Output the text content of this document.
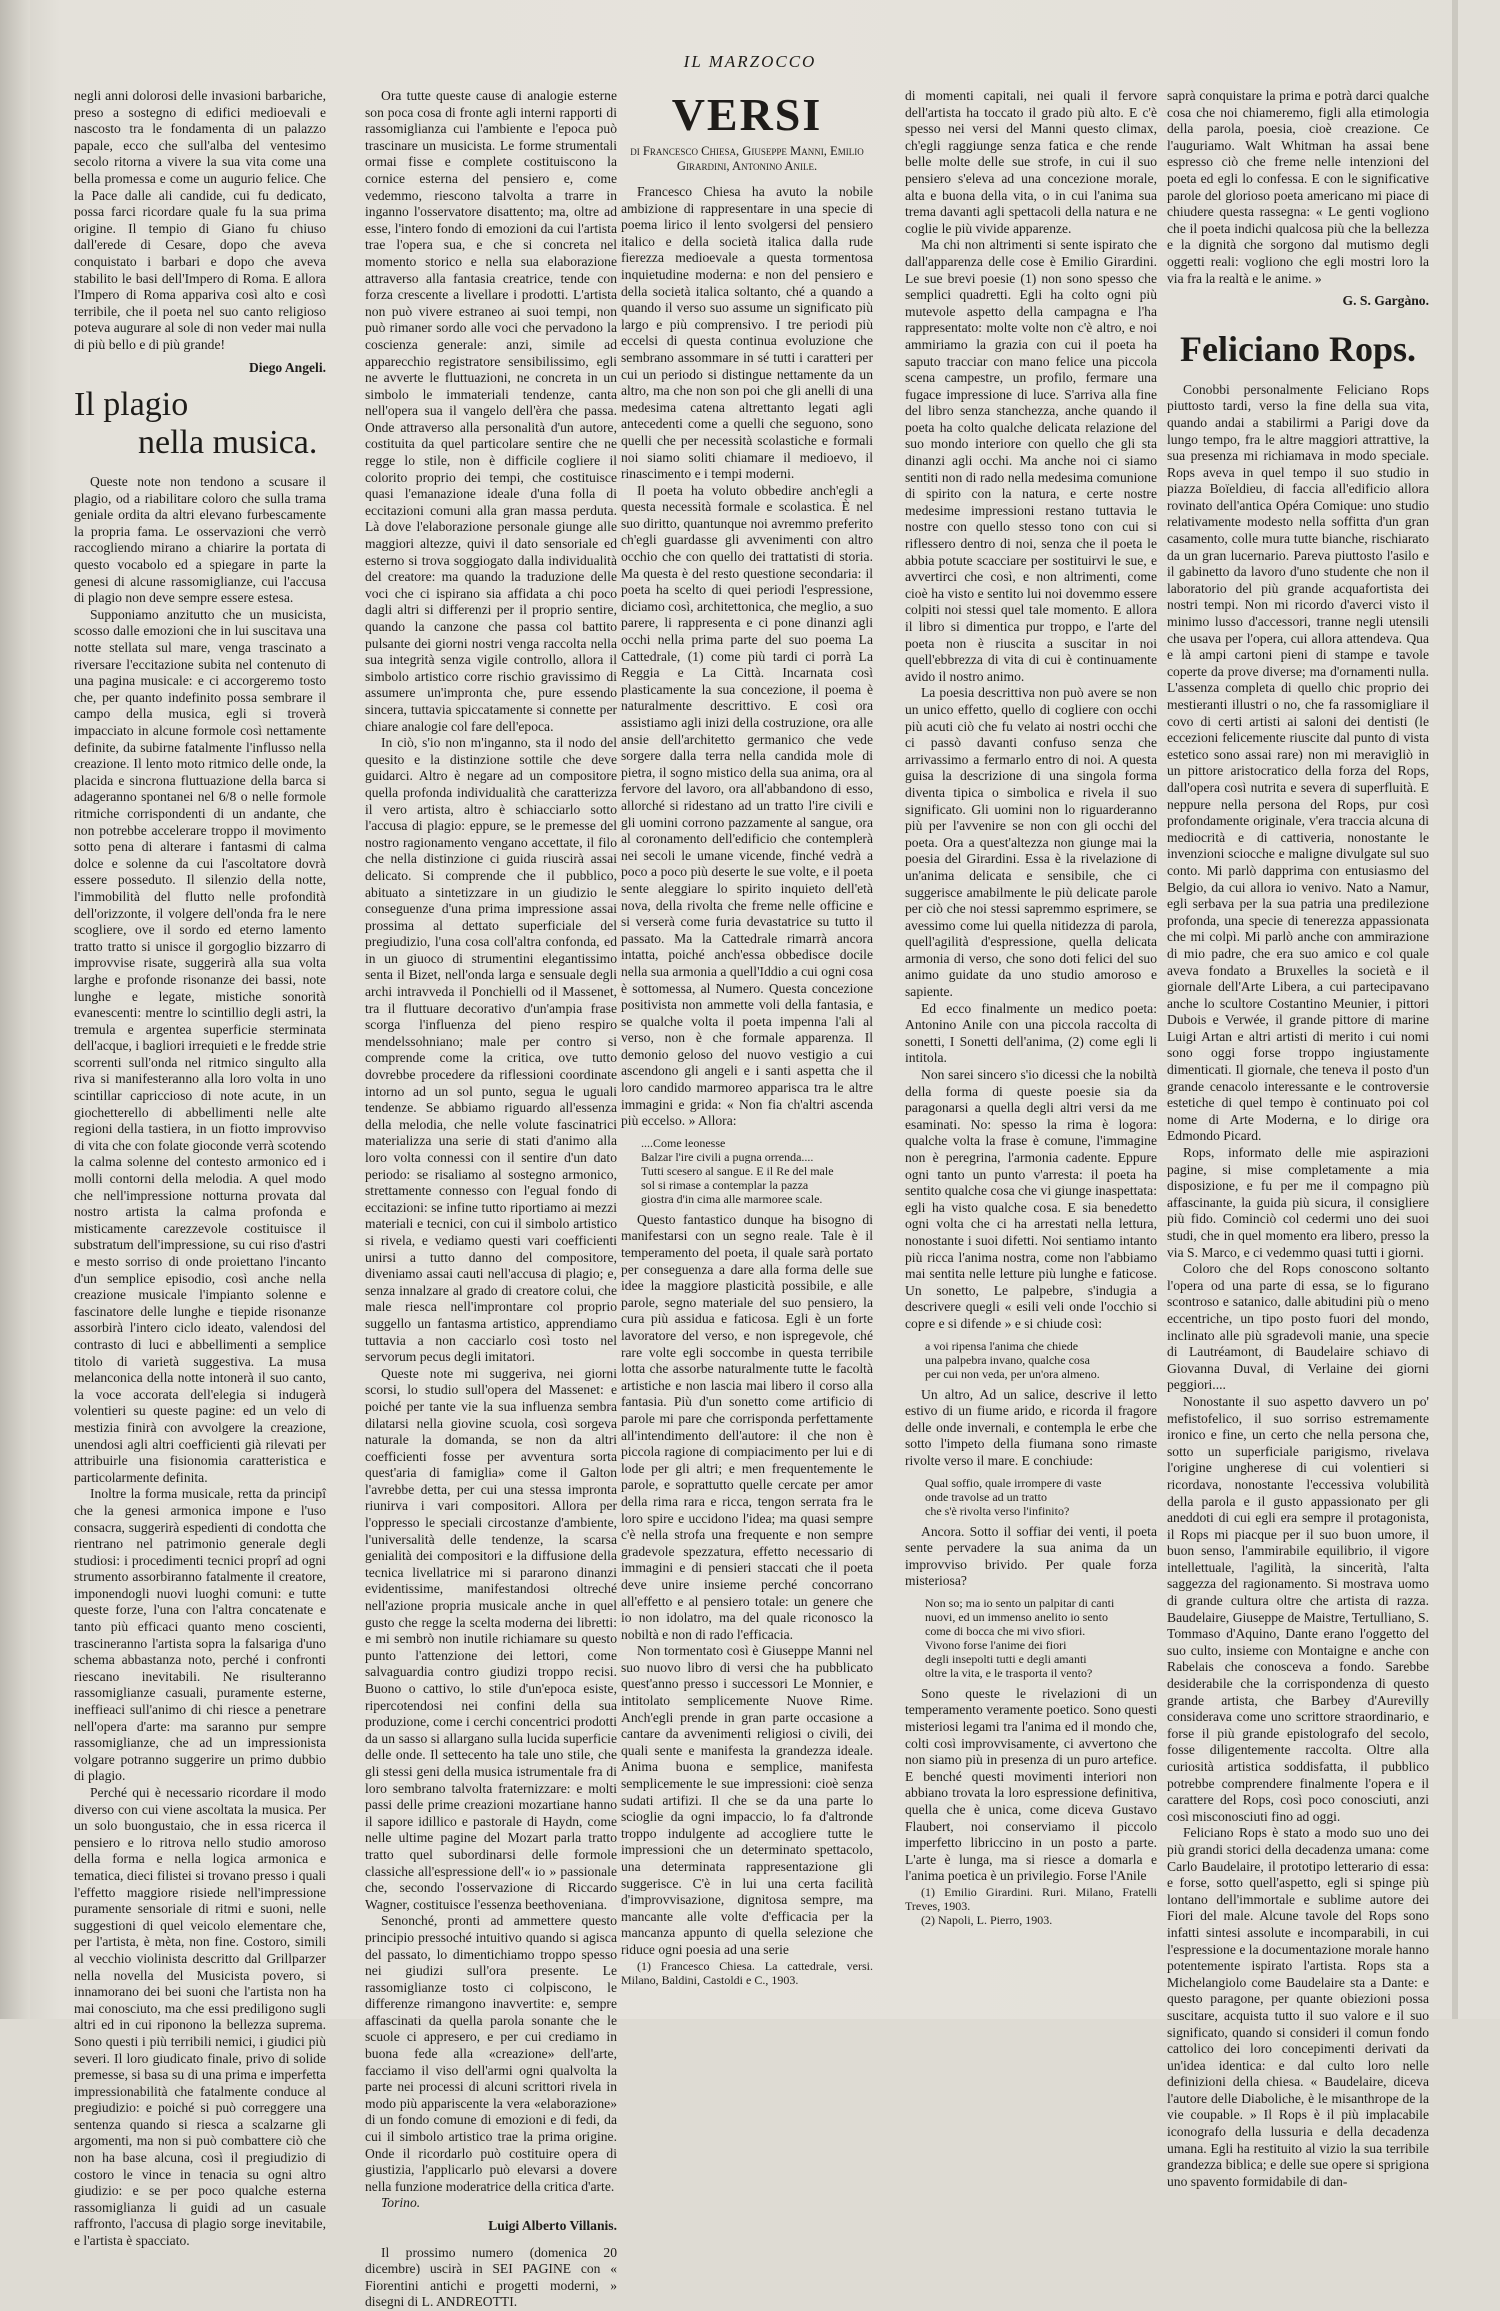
IL MARZOCCO

negli anni dolorosi delle invasioni barbariche, preso a sostegno di edifici medioevali e nascosto tra le fondamenta di un palazzo papale, ecco che sull'alba del ventesimo secolo ritorna a vivere la sua vita come una bella promessa e come un augurio felice. Che la Pace dalle ali candide, cui fu dedicato, possa farci ricordare quale fu la sua prima origine. Il tempio di Giano fu chiuso dall'erede di Cesare, dopo che aveva conquistato i barbari e dopo che aveva stabilito le basi dell'Impero di Roma. E allora l'Impero di Roma appariva così alto e così terribile, che il poeta nel suo canto religioso poteva augurare al sole di non veder mai nulla di più bello e di più grande!

Diego Angeli.
Il plagio
nella musica.

Queste note non tendono a scusare il plagio, od a riabilitare coloro che sulla trama geniale ordita da altri elevano furbescamente la propria fama. Le osservazioni che verrò raccogliendo mirano a chiarire la portata di questo vocabolo ed a spiegare in parte la genesi di alcune rassomiglianze, cui l'accusa di plagio non deve sempre essere estesa.

Supponiamo anzitutto che un musicista, scosso dalle emozioni che in lui suscitava una notte stellata sul mare, venga trascinato a riversare l'eccitazione subita nel contenuto di una pagina musicale: e ci accorgeremo tosto che, per quanto indefinito possa sembrare il campo della musica, egli si troverà impacciato in alcune formole così nettamente definite, da subirne fatalmente l'influsso nella creazione. Il lento moto ritmico delle onde, la placida e sincrona fluttuazione della barca si adageranno spontanei nel 6/8 o nelle formole ritmiche corrispondenti di un andante, che non potrebbe accelerare troppo il movimento sotto pena di alterare i fantasmi di calma dolce e solenne da cui l'ascoltatore dovrà essere posseduto. Il silenzio della notte, l'immobilità del flutto nelle profondità dell'orizzonte, il volgere dell'onda fra le nere scogliere, ove il sordo ed eterno lamento tratto tratto si unisce il gorgoglio bizzarro di improvvise risate, suggerirà alla sua volta larghe e profonde risonanze dei bassi, note lunghe e legate, mistiche sonorità evanescenti: mentre lo scintillio degli astri, la tremula e argentea superficie sterminata dell'acque, i bagliori irrequieti e le fredde strie scorrenti sull'onda nel ritmico singulto alla riva si manifesteranno alla loro volta in uno scintillar capriccioso di note acute, in un giochetterello di abbellimenti nelle alte regioni della tastiera, in un fiotto improvviso di vita che con folate gioconde verrà scotendo la calma solenne del contesto armonico ed i molli contorni della melodia. A quel modo che nell'impressione notturna provata dal nostro artista la calma profonda e misticamente carezzevole costituisce il substratum dell'impressione, su cui riso d'astri e mesto sorriso di onde proiettano l'incanto d'un semplice episodio, così anche nella creazione musicale l'impianto solenne e fascinatore delle lunghe e tiepide risonanze assorbirà l'intero ciclo ideato, valendosi del contrasto di luci e abbellimenti a semplice titolo di varietà suggestiva. La musa melanconica della notte intonerà il suo canto, la voce accorata dell'elegia si indugerà volentieri su queste pagine: ed un velo di mestizia finirà con avvolgere la creazione, unendosi agli altri coefficienti già rilevati per attribuirle una fisionomia caratteristica e particolarmente definita.

Inoltre la forma musicale, retta da principî che la genesi armonica impone e l'uso consacra, suggerirà espedienti di condotta che rientrano nel patrimonio generale degli studiosi: i procedimenti tecnici proprî ad ogni strumento assorbiranno fatalmente il creatore, imponendogli nuovi luoghi comuni: e tutte queste forze, l'una con l'altra concatenate e tanto più efficaci quanto meno coscienti, trascineranno l'artista sopra la falsariga d'uno schema abbastanza noto, perché i confronti riescano inevitabili. Ne risulteranno rassomiglianze casuali, puramente esterne, ineffieaci sull'animo di chi riesce a penetrare nell'opera d'arte: ma saranno pur sempre rassomiglianze, che ad un impressionista volgare potranno suggerire un primo dubbio di plagio.

Perché qui è necessario ricordare il modo diverso con cui viene ascoltata la musica. Per un solo buongustaio, che in essa ricerca il pensiero e lo ritrova nello studio amoroso della forma e nella logica armonica e tematica, dieci filistei si trovano presso i quali l'effetto maggiore risiede nell'impressione puramente sensoriale di ritmi e suoni, nelle suggestioni di quel veicolo elementare che, per l'artista, è mèta, non fine. Costoro, simili al vecchio violinista descritto dal Grillparzer nella novella del Musicista povero, si innamorano dei bei suoni che l'artista non ha mai conosciuto, ma che essi prediligono sugli altri ed in cui riponono la bellezza suprema. Sono questi i più terribili nemici, i giudici più severi. Il loro giudicato finale, privo di solide premesse, si basa su di una prima e imperfetta impressionabilità che fatalmente conduce al pregiudizio: e poiché si può correggere una sentenza quando si riesca a scalzarne gli argomenti, ma non si può combattere ciò che non ha base alcuna, così il pregiudizio di costoro le vince in tenacia su ogni altro giudizio: e se per poco qualche esterna rassomiglianza li guidi ad un casuale raffronto, l'accusa di plagio sorge inevitabile, e l'artista è spacciato.

Ora tutte queste cause di analogie esterne son poca cosa di fronte agli interni rapporti di rassomiglianza cui l'ambiente e l'epoca può trascinare un musicista. Le forme strumentali ormai fisse e complete costituiscono la cornice esterna del pensiero e, come vedemmo, riescono talvolta a trarre in inganno l'osservatore disattento; ma, oltre ad esse, l'intero fondo di emozioni da cui l'artista trae l'opera sua, e che si concreta nel momento storico e nella sua elaborazione attraverso alla fantasia creatrice, tende con forza crescente a livellare i prodotti. L'artista non può vivere estraneo ai suoi tempi, non può rimaner sordo alle voci che pervadono la coscienza generale: anzi, simile ad apparecchio registratore sensibilissimo, egli ne avverte le fluttuazioni, ne concreta in un simbolo le immateriali tendenze, canta nell'opera sua il vangelo dell'èra che passa. Onde attraverso alla personalità d'un autore, costituita da quel particolare sentire che ne regge lo stile, non è difficile cogliere il colorito proprio dei tempi, che costituisce quasi l'emanazione ideale d'una folla di eccitazioni comuni alla gran massa perduta. Là dove l'elaborazione personale giunge alle maggiori altezze, quivi il dato sensoriale ed esterno si trova soggiogato dalla individualità del creatore: ma quando la traduzione delle voci che ci ispirano sia affidata a chi poco dagli altri si differenzi per il proprio sentire, quando la canzone che passa col battito pulsante dei giorni nostri venga raccolta nella sua integrità senza vigile controllo, allora il simbolo artistico corre rischio gravissimo di assumere un'impronta che, pure essendo sincera, tuttavia spiccatamente si connette per chiare analogie col fare dell'epoca.

In ciò, s'io non m'inganno, sta il nodo del quesito e la distinzione sottile che deve guidarci. Altro è negare ad un compositore quella profonda individualità che caratterizza il vero artista, altro è schiacciarlo sotto l'accusa di plagio: eppure, se le premesse del nostro ragionamento vengano accettate, il filo che nella distinzione ci guida riuscirà assai delicato. Si comprende che il pubblico, abituato a sintetizzare in un giudizio le conseguenze d'una prima impressione assai prossima al dettato superficiale del pregiudizio, l'una cosa coll'altra confonda, ed in un giuoco di strumentini elegantissimo senta il Bizet, nell'onda larga e sensuale degli archi intravveda il Ponchielli od il Massenet, tra il fluttuare decorativo d'un'ampia frase scorga l'influenza del pieno respiro mendelssohniano; male per contro si comprende come la critica, ove tutto dovrebbe procedere da riflessioni coordinate intorno ad un sol punto, segua le uguali tendenze. Se abbiamo riguardo all'essenza della melodia, che nelle volute fascinatrici materializza una serie di stati d'animo alla loro volta connessi con il sentire d'un dato periodo: se risaliamo al sostegno armonico, strettamente connesso con l'egual fondo di eccitazioni: se infine tutto riportiamo ai mezzi materiali e tecnici, con cui il simbolo artistico si rivela, e vediamo questi vari coefficienti unirsi a tutto danno del compositore, diveniamo assai cauti nell'accusa di plagio; e, senza innalzare al grado di creatore colui, che male riesca nell'improntare col proprio suggello un fantasma artistico, apprendiamo tuttavia a non cacciarlo così tosto nel servorum pecus degli imitatori.

Queste note mi suggeriva, nei giorni scorsi, lo studio sull'opera del Massenet: e poiché per tante vie la sua influenza sembra dilatarsi nella giovine scuola, così sorgeva naturale la domanda, se non da altri coefficienti fosse per avventura sorta quest'aria di famiglia» come il Galton l'avrebbe detta, per cui una stessa impronta riunirva i vari compositori. Allora per l'oppresso le speciali circostanze d'ambiente, l'universalità delle tendenze, la scarsa genialità dei compositori e la diffusione della tecnica livellatrice mi si pararono dinanzi evidentissime, manifestandosi oltreché nell'azione propria musicale anche in quel gusto che regge la scelta moderna dei libretti: e mi sembrò non inutile richiamare su questo punto l'attenzione dei lettori, come salvaguardia contro giudizi troppo recisi. Buono o cattivo, lo stile d'un'epoca esiste, ripercotendosi nei confini della sua produzione, come i cerchi concentrici prodotti da un sasso si allargano sulla lucida superficie delle onde. Il settecento ha tale uno stile, che gli stessi geni della musica istrumentale fra di loro sembrano talvolta fraternizzare: e molti passi delle prime creazioni mozartiane hanno il sapore idillico e pastorale di Haydn, come nelle ultime pagine del Mozart parla tratto tratto quel subordinarsi delle formole classiche all'espressione dell'« io » passionale che, secondo l'osservazione di Riccardo Wagner, costituisce l'essenza beethoveniana.

Senonché, pronti ad ammettere questo principio pressoché intuitivo quando si agisca del passato, lo dimentichiamo troppo spesso nei giudizi sull'ora presente. Le rassomiglianze tosto ci colpiscono, le differenze rimangono inavvertite: e, sempre affascinati da quella parola sonante che le scuole ci appresero, e per cui crediamo in buona fede alla «creazione» dell'arte, facciamo il viso dell'armi ogni qualvolta la parte nei processi di alcuni scrittori rivela in modo più appariscente la vera «elaborazione» di un fondo comune di emozioni e di fedi, da cui il simbolo artistico trae la prima origine. Onde il ricordarlo può costituire opera di giustizia, l'applicarlo può elevarsi a dovere nella funzione moderatrice della critica d'arte.

Torino.

Luigi Alberto Villanis.

Il prossimo numero (domenica 20 dicembre) uscirà in SEI PAGINE con « Fiorentini antichi e progetti moderni, » disegni di L. ANDREOTTI.

VERSI
di Francesco Chiesa, Giuseppe Manni, Emilio Girardini, Antonino Anile.

Francesco Chiesa ha avuto la nobile ambizione di rappresentare in una specie di poema lirico il lento svolgersi del pensiero italico e della società italica dalla rude fierezza medioevale a questa tormentosa inquietudine moderna: e non del pensiero e della società italica soltanto, ché a quando a quando il verso suo assume un significato più largo e più comprensivo. I tre periodi più eccelsi di questa continua evoluzione che sembrano assommare in sé tutti i caratteri per cui un periodo si distingue nettamente da un altro, ma che non son poi che gli anelli di una medesima catena altrettanto legati agli antecedenti come a quelli che seguono, sono quelli che per necessità scolastiche e formali noi siamo soliti chiamare il medioevo, il rinascimento e i tempi moderni.

Il poeta ha voluto obbedire anch'egli a questa necessità formale e scolastica. È nel suo diritto, quantunque noi avremmo preferito ch'egli guardasse gli avvenimenti con altro occhio che con quello dei trattatisti di storia. Ma questa è del resto questione secondaria: il poeta ha scelto di quei periodi l'espressione, diciamo così, architettonica, che meglio, a suo parere, li rappresenta e ci pone dinanzi agli occhi nella prima parte del suo poema La Cattedrale, (1) come più tardi ci porrà La Reggia e La Città. Incarnata così plasticamente la sua concezione, il poema è naturalmente descrittivo. E così ora assistiamo agli inizi della costruzione, ora alle ansie dell'architetto germanico che vede sorgere dalla terra nella candida mole di pietra, il sogno mistico della sua anima, ora al fervore del lavoro, ora all'abbandono di esso, allorché si ridestano ad un tratto l'ire civili e gli uomini corrono pazzamente al sangue, ora al coronamento dell'edificio che contemplerà nei secoli le umane vicende, finché vedrà a poco a poco più deserte le sue volte, e il poeta sente aleggiare lo spirito inquieto dell'età nova, della rivolta che freme nelle officine e si verserà come furia devastatrice su tutto il passato. Ma la Cattedrale rimarrà ancora intatta, poiché anch'essa obbedisce docile nella sua armonia a quell'Iddio a cui ogni cosa è sottomessa, al Numero. Questa concezione positivista non ammette voli della fantasia, e se qualche volta il poeta impenna l'ali al verso, non è che formale apparenza. Il demonio geloso del nuovo vestigio a cui ascendono gli angeli e i santi aspetta che il loro candido marmoreo apparisca tra le altre immagini e grida: « Non fia ch'altri ascenda più eccelso. » Allora:

....Come leonesse
Balzar l'ire civili a pugna orrenda....
Tutti scesero al sangue. E il Re del male
sol si rimase a contemplar la pazza
giostra d'in cima alle marmoree scale.

Questo fantastico dunque ha bisogno di manifestarsi con un segno reale. Tale è il temperamento del poeta, il quale sarà portato per conseguenza a dare alla forma delle sue idee la maggiore plasticità possibile, e alle parole, segno materiale del suo pensiero, la cura più assidua e faticosa. Egli è un forte lavoratore del verso, e non ispregevole, ché rare volte egli soccombe in questa terribile lotta che assorbe naturalmente tutte le facoltà artistiche e non lascia mai libero il corso alla fantasia. Più d'un sonetto come artificio di parole mi pare che corrisponda perfettamente all'intendimento dell'autore: il che non è piccola ragione di compiacimento per lui e di lode per gli altri; e men frequentemente le parole, e soprattutto quelle cercate per amor della rima rara e ricca, tengon serrata fra le loro spire e uccidono l'idea; ma quasi sempre c'è nella strofa una frequente e non sempre gradevole spezzatura, effetto necessario di immagini e di pensieri staccati che il poeta deve unire insieme perché concorrano all'effetto e al pensiero totale: un genere che io non idolatro, ma del quale riconosco la nobiltà e non di rado l'efficacia.

Non tormentato così è Giuseppe Manni nel suo nuovo libro di versi che ha pubblicato quest'anno presso i successori Le Monnier, e intitolato semplicemente Nuove Rime. Anch'egli prende in gran parte occasione a cantare da avvenimenti religiosi o civili, dei quali sente e manifesta la grandezza ideale. Anima buona e semplice, manifesta semplicemente le sue impressioni: cioè senza sudati artifizi. Il che se da una parte lo scioglie da ogni impaccio, lo fa d'altronde troppo indulgente ad accogliere tutte le impressioni che un determinato spettacolo, una determinata rappresentazione gli suggerisce. C'è in lui una certa facilità d'improvvisazione, dignitosa sempre, ma mancante alle volte d'efficacia per la mancanza appunto di quella selezione che riduce ogni poesia ad una serie

(1) Francesco Chiesa. La cattedrale, versi. Milano, Baldini, Castoldi e C., 1903.

di momenti capitali, nei quali il fervore dell'artista ha toccato il grado più alto. E c'è spesso nei versi del Manni questo climax, ch'egli raggiunge senza fatica e che rende belle molte delle sue strofe, in cui il suo pensiero s'eleva ad una concezione morale, alta e buona della vita, o in cui l'anima sua trema davanti agli spettacoli della natura e ne coglie le più vivide apparenze.

Ma chi non altrimenti si sente ispirato che dall'apparenza delle cose è Emilio Girardini. Le sue brevi poesie (1) non sono spesso che semplici quadretti. Egli ha colto ogni più mutevole aspetto della campagna e l'ha rappresentato: molte volte non c'è altro, e noi ammiriamo la grazia con cui il poeta ha saputo tracciar con mano felice una piccola scena campestre, un profilo, fermare una fugace impressione di luce. S'arriva alla fine del libro senza stanchezza, anche quando il poeta ha colto qualche delicata relazione del suo mondo interiore con quello che gli sta dinanzi agli occhi. Ma anche noi ci siamo sentiti non di rado nella medesima comunione di spirito con la natura, e certe nostre medesime impressioni restano tuttavia le nostre con quello stesso tono con cui si riflessero dentro di noi, senza che il poeta le abbia potute scacciare per sostituirvi le sue, e avvertirci che così, e non altrimenti, come cioè ha visto e sentito lui noi dovemmo essere colpiti noi stessi quel tale momento. E allora il libro si dimentica pur troppo, e l'arte del poeta non è riuscita a suscitar in noi quell'ebbrezza di vita di cui è continuamente avido il nostro animo.

La poesia descrittiva non può avere se non un unico effetto, quello di cogliere con occhi più acuti ciò che fu velato ai nostri occhi che ci passò davanti confuso senza che arrivassimo a fermarlo entro di noi. A questa guisa la descrizione di una singola forma diventa tipica o simbolica e rivela il suo significato. Gli uomini non lo riguarderanno più per l'avvenire se non con gli occhi del poeta. Ora a quest'altezza non giunge mai la poesia del Girardini. Essa è la rivelazione di un'anima delicata e sensibile, che ci suggerisce amabilmente le più delicate parole per ciò che noi stessi sapremmo esprimere, se avessimo come lui quella nitidezza di parola, quell'agilità d'espressione, quella delicata armonia di verso, che sono doti felici del suo animo guidate da uno studio amoroso e sapiente.

Ed ecco finalmente un medico poeta: Antonino Anile con una piccola raccolta di sonetti, I Sonetti dell'anima, (2) come egli li intitola.

Non sarei sincero s'io dicessi che la nobiltà della forma di queste poesie sia da paragonarsi a quella degli altri versi da me esaminati. No: spesso la rima è logora: qualche volta la frase è comune, l'immagine non è peregrina, l'armonia cadente. Eppure ogni tanto un punto v'arresta: il poeta ha sentito qualche cosa che vi giunge inaspettata: egli ha visto qualche cosa. E sia benedetto ogni volta che ci ha arrestati nella lettura, nonostante i suoi difetti. Noi sentiamo intanto più ricca l'anima nostra, come non l'abbiamo mai sentita nelle letture più lunghe e faticose. Un sonetto, Le palpebre, s'indugia a descrivere quegli « esili veli onde l'occhio si copre e si difende » e si chiude così:

a voi ripensa l'anima che chiede
una palpebra invano, qualche cosa
per cui non veda, per un'ora almeno.

Un altro, Ad un salice, descrive il letto estivo di un fiume arido, e ricorda il fragore delle onde invernali, e contempla le erbe che sotto l'impeto della fiumana sono rimaste rivolte verso il mare. E conchiude:

Qual soffio, quale irrompere di vaste
onde travolse ad un tratto
che s'è rivolta verso l'infinito?

Ancora. Sotto il soffiar dei venti, il poeta sente pervadere la sua anima da un improvviso brivido. Per quale forza misteriosa?

Non so; ma io sento un palpitar di canti
nuovi, ed un immenso anelito io sento
come di bocca che mi vivo sfiori.
Vivono forse l'anime dei fiori
degli insepolti tutti e degli amanti
oltre la vita, e le trasporta il vento?

Sono queste le rivelazioni di un temperamento veramente poetico. Sono questi misteriosi legami tra l'anima ed il mondo che, colti così improvvisamente, ci avvertono che non siamo più in presenza di un puro artefice. E benché questi movimenti interiori non abbiano trovata la loro espressione definitiva, quella che è unica, come diceva Gustavo Flaubert, noi conserviamo il piccolo imperfetto libriccino in un posto a parte. L'arte è lunga, ma si riesce a domarla e l'anima poetica è un privilegio. Forse l'Anile

(1) Emilio Girardini. Ruri. Milano, Fratelli Treves, 1903.

(2) Napoli, L. Pierro, 1903.

saprà conquistare la prima e potrà darci qualche cosa che noi chiameremo, figli alla etimologia della parola, poesia, cioè creazione. Ce l'auguriamo. Walt Whitman ha assai bene espresso ciò che freme nelle intenzioni del poeta ed egli lo confessa. E con le significative parole del glorioso poeta americano mi piace di chiudere questa rassegna: « Le genti vogliono che il poeta indichi qualcosa più che la bellezza e la dignità che sorgono dal mutismo degli oggetti reali: vogliono che egli mostri loro la via fra la realtà e le anime. »

G. S. Gargàno.
Feliciano Rops.

Conobbi personalmente Feliciano Rops piuttosto tardi, verso la fine della sua vita, quando andai a stabilirmi a Parigi dove da lungo tempo, fra le altre maggiori attrattive, la sua presenza mi richiamava in modo speciale. Rops aveva in quel tempo il suo studio in piazza Boïeldieu, di faccia all'edificio allora rovinato dell'antica Opéra Comique: uno studio relativamente modesto nella soffitta d'un gran casamento, colle mura tutte bianche, rischiarato da un gran lucernario. Pareva piuttosto l'asilo e il gabinetto da lavoro d'uno studente che non il laboratorio del più grande acquafortista dei nostri tempi. Non mi ricordo d'averci visto il minimo lusso d'accessori, tranne negli utensili che usava per l'opera, cui allora attendeva. Qua e là ampi cartoni pieni di stampe e tavole coperte da prove diverse; ma d'ornamenti nulla. L'assenza completa di quello chic proprio dei mestieranti illustri o no, che fa rassomigliare il covo di certi artisti ai saloni dei dentisti (le eccezioni felicemente riuscite dal punto di vista estetico sono assai rare) non mi meravigliò in un pittore aristocratico della forza del Rops, dall'opera così nutrita e severa di superfluità. E neppure nella persona del Rops, pur così profondamente originale, v'era traccia alcuna di mediocrità e di cattiveria, nonostante le invenzioni sciocche e maligne divulgate sul suo conto. Mi parlò dapprima con entusiasmo del Belgio, da cui allora io venivo. Nato a Namur, egli serbava per la sua patria una predilezione profonda, una specie di tenerezza appassionata che mi colpì. Mi parlò anche con ammirazione di mio padre, che era suo amico e col quale aveva fondato a Bruxelles la società e il giornale dell'Arte Libera, a cui partecipavano anche lo scultore Costantino Meunier, i pittori Dubois e Verwée, il grande pittore di marine Luigi Artan e altri artisti di merito i cui nomi sono oggi forse troppo ingiustamente dimenticati. Il giornale, che teneva il posto d'un grande cenacolo interessante e le controversie estetiche di quel tempo è continuato poi col nome di Arte Moderna, e lo dirige ora Edmondo Picard.

Rops, informato delle mie aspirazioni pagine, si mise completamente a mia disposizione, e fu per me il compagno più affascinante, la guida più sicura, il consigliere più fido. Cominciò col cedermi uno dei suoi studi, che in quel momento era libero, presso la via S. Marco, e ci vedemmo quasi tutti i giorni.

Coloro che del Rops conoscono soltanto l'opera od una parte di essa, se lo figurano scontroso e satanico, dalle abitudini più o meno eccentriche, un tipo posto fuori del mondo, inclinato alle più sgradevoli manie, una specie di Lautréamont, di Baudelaire schiavo di Giovanna Duval, di Verlaine dei giorni peggiori....

Nonostante il suo aspetto davvero un po' mefistofelico, il suo sorriso estremamente ironico e fine, un certo che nella persona che, sotto un superficiale parigismo, rivelava l'origine ungherese di cui volentieri si ricordava, nonostante l'eccessiva volubilità della parola e il gusto appassionato per gli aneddoti di cui egli era sempre il protagonista, il Rops mi piacque per il suo buon umore, il buon senso, l'ammirabile equilibrio, il vigore intellettuale, l'agilità, la sincerità, l'alta saggezza del ragionamento. Si mostrava uomo di grande cultura oltre che artista di razza. Baudelaire, Giuseppe de Maistre, Tertulliano, S. Tommaso d'Aquino, Dante erano l'oggetto del suo culto, insieme con Montaigne e anche con Rabelais che conosceva a fondo. Sarebbe desiderabile che la corrispondenza di questo grande artista, che Barbey d'Aurevilly considerava come uno scrittore straordinario, e forse il più grande epistolografo del secolo, fosse diligentemente raccolta. Oltre alla curiosità artistica soddisfatta, il pubblico potrebbe comprendere finalmente l'opera e il carattere del Rops, così poco conosciuti, anzi così misconosciuti fino ad oggi.

Feliciano Rops è stato a modo suo uno dei più grandi storici della decadenza umana: come Carlo Baudelaire, il prototipo letterario di essa: e forse, sotto quell'aspetto, egli si spinge più lontano dell'immortale e sublime autore dei Fiori del male. Alcune tavole del Rops sono infatti sintesi assolute e incomparabili, in cui l'espressione e la documentazione morale hanno potentemente ispirato l'artista. Rops sta a Michelangiolo come Baudelaire sta a Dante: e questo paragone, per quante obiezioni possa suscitare, acquista tutto il suo valore e il suo significato, quando si consideri il comun fondo cattolico dei loro concepimenti derivati da un'idea identica: e dal culto loro nelle definizioni della chiesa. « Baudelaire, diceva l'autore delle Diaboliche, è le misanthrope de la vie coupable. » Il Rops è il più implacabile iconografo della lussuria e della decadenza umana. Egli ha restituito al vizio la sua terribile grandezza biblica; e delle sue opere si sprigiona uno spavento formidabile di dan-
